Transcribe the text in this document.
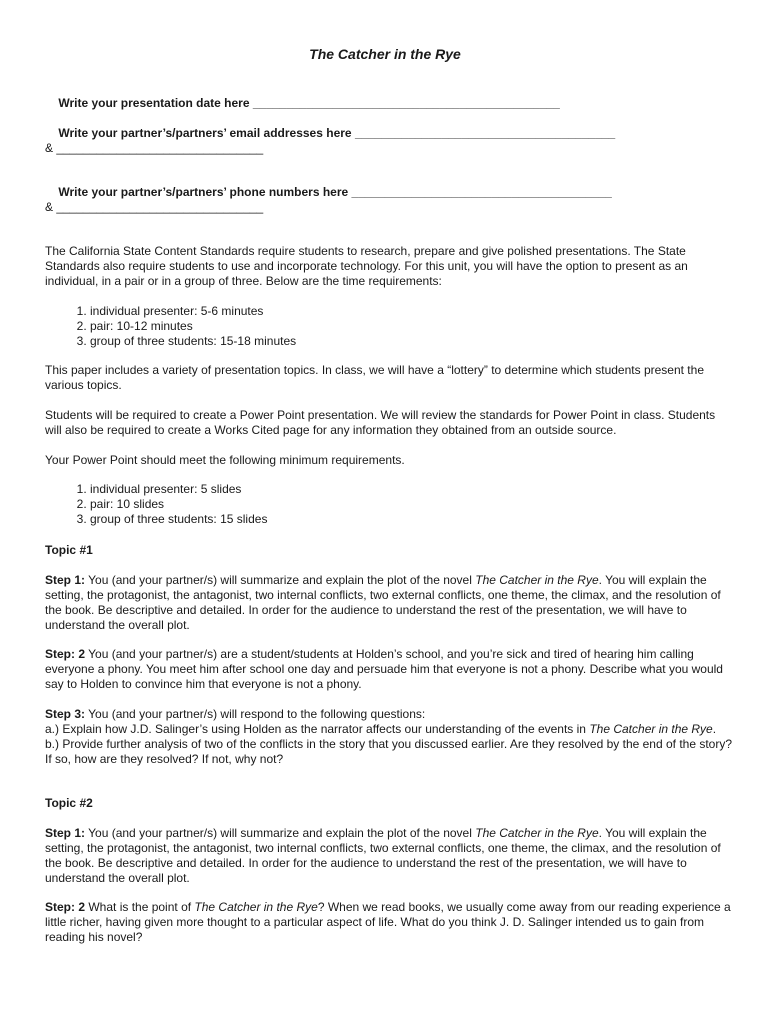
The Catcher in the Rye

Write your presentation date here ______________________________________________

Write your partner’s/partners’ email addresses here _______________________________________

& _______________________________

Write your partner’s/partners’ phone numbers here _______________________________________

& _______________________________
The California State Content Standards require students to research, prepare and give polished presentations. The State Standards also require students to use and incorporate technology. For this unit, you will have the option to present as an individual, in a pair or in a group of three. Below are the time requirements:
1. individual presenter: 5-6 minutes
2. pair: 10-12 minutes
3. group of three students: 15-18 minutes
This paper includes a variety of presentation topics. In class, we will have a “lottery” to determine which students present the various topics.
Students will be required to create a Power Point presentation. We will review the standards for Power Point in class. Students will also be required to create a Works Cited page for any information they obtained from an outside source.
Your Power Point should meet the following minimum requirements.
1. individual presenter: 5 slides
2. pair: 10 slides
3. group of three students: 15 slides
Topic #1
Step 1: You (and your partner/s) will summarize and explain the plot of the novel The Catcher in the Rye. You will explain the setting, the protagonist, the antagonist, two internal conflicts, two external conflicts, one theme, the climax, and the resolution of the book. Be descriptive and detailed. In order for the audience to understand the rest of the presentation, we will have to understand the overall plot.
Step: 2 You (and your partner/s) are a student/students at Holden’s school, and you’re sick and tired of hearing him calling everyone a phony. You meet him after school one day and persuade him that everyone is not a phony. Describe what you would say to Holden to convince him that everyone is not a phony.

Step 3: You (and your partner/s) will respond to the following questions:

a.) Explain how J.D. Salinger’s using Holden as the narrator affects our understanding of the events in The Catcher in the Rye.

b.) Provide further analysis of two of the conflicts in the story that you discussed earlier. Are they resolved by the end of the story? If so, how are they resolved? If not, why not?

Topic #2
Step 1: You (and your partner/s) will summarize and explain the plot of the novel The Catcher in the Rye. You will explain the setting, the protagonist, the antagonist, two internal conflicts, two external conflicts, one theme, the climax, and the resolution of the book. Be descriptive and detailed. In order for the audience to understand the rest of the presentation, we will have to understand the overall plot.
Step: 2 What is the point of The Catcher in the Rye? When we read books, we usually come away from our reading experience a little richer, having given more thought to a particular aspect of life. What do you think J. D. Salinger intended us to gain from reading his novel?
